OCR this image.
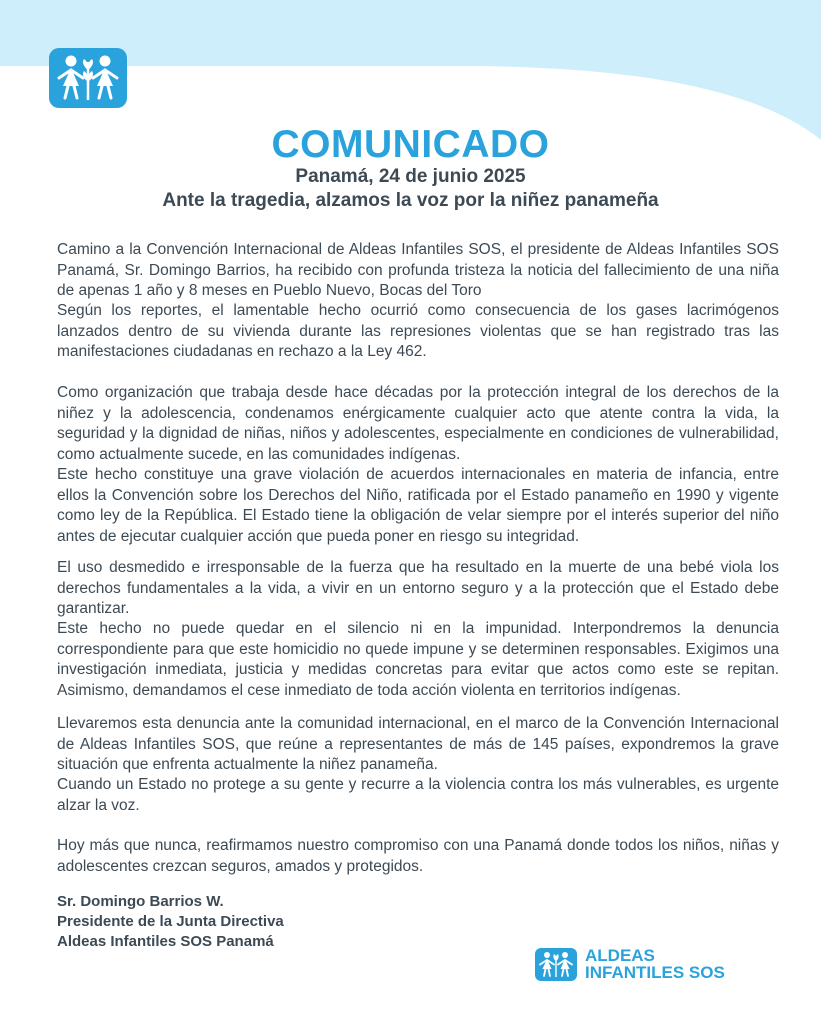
COMUNICADO
Panamá, 24 de junio 2025
Ante la tragedia, alzamos la voz por la niñez panameña

Camino a la Convención Internacional de Aldeas Infantiles SOS, el presidente de Aldeas Infantiles SOS Panamá, Sr. Domingo Barrios, ha recibido con profunda tristeza la noticia del fallecimiento de una niña de apenas 1 año y 8 meses en Pueblo Nuevo, Bocas del Toro

Según los reportes, el lamentable hecho ocurrió como consecuencia de los gases lacrimógenos lanzados dentro de su vivienda durante las represiones violentas que se han registrado tras las manifestaciones ciudadanas en rechazo a la Ley 462.

Como organización que trabaja desde hace décadas por la protección integral de los derechos de la niñez y la adolescencia, condenamos enérgicamente cualquier acto que atente contra la vida, la seguridad y la dignidad de niñas, niños y adolescentes, especialmente en condiciones de vulnerabilidad, como actualmente sucede, en las comunidades indígenas.

Este hecho constituye una grave violación de acuerdos internacionales en materia de infancia, entre ellos la Convención sobre los Derechos del Niño, ratificada por el Estado panameño en 1990 y vigente como ley de la República. El Estado tiene la obligación de velar siempre por el interés superior del niño antes de ejecutar cualquier acción que pueda poner en riesgo su integridad.

El uso desmedido e irresponsable de la fuerza que ha resultado en la muerte de una bebé viola los derechos fundamentales a la vida, a vivir en un entorno seguro y a la protección que el Estado debe garantizar.

Este hecho no puede quedar en el silencio ni en la impunidad. Interpondremos la denuncia correspondiente para que este homicidio no quede impune y se determinen responsables. Exigimos una investigación inmediata, justicia y medidas concretas para evitar que actos como este se repitan. Asimismo, demandamos el cese inmediato de toda acción violenta en territorios indígenas.

Llevaremos esta denuncia ante la comunidad internacional, en el marco de la Convención Internacional de Aldeas Infantiles SOS, que reúne a representantes de más de 145 países, expondremos la grave situación que enfrenta actualmente la niñez panameña.

Cuando un Estado no protege a su gente y recurre a la violencia contra los más vulnerables, es urgente alzar la voz.

Hoy más que nunca, reafirmamos nuestro compromiso con una Panamá donde todos los niños, niñas y adolescentes crezcan seguros, amados y protegidos.

Sr. Domingo Barrios W.
Presidente de la Junta Directiva
Aldeas Infantiles SOS Panamá
ALDEAS
INFANTILES SOS
